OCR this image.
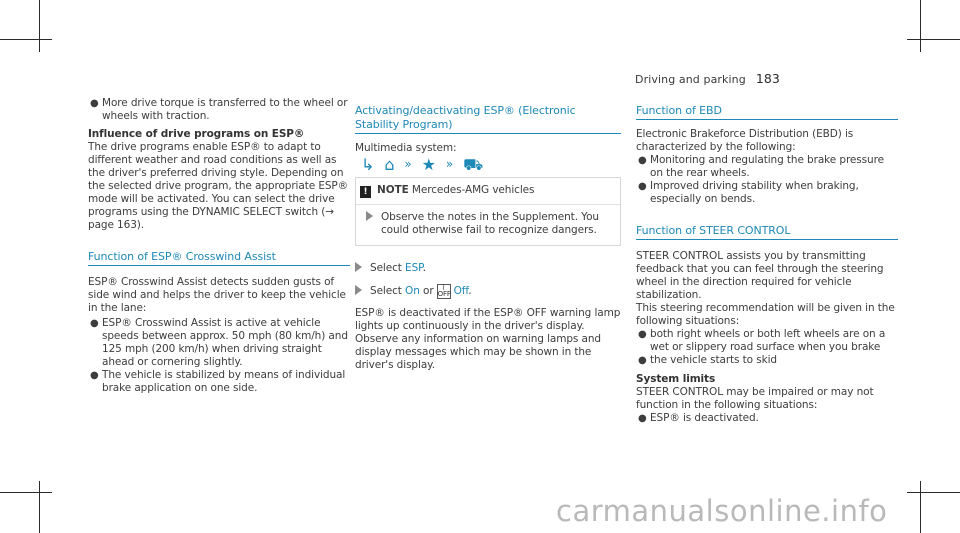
Driving and parking 183
● More drive torque is transferred to the wheel or wheels with traction.

Influence of drive programs on ESP®

The drive programs enable ESP® to adapt to different weather and road conditions as well as the driver's preferred driving style. Depending on the selected drive program, the appropriate ESP® mode will be activated. You can select the drive programs using the DYNAMIC SELECT switch (→ page 163).

Function of ESP® Crosswind Assist

ESP® Crosswind Assist detects sudden gusts of side wind and helps the driver to keep the vehicle in the lane:

● ESP® Crosswind Assist is active at vehicle speeds between approx. 50 mph (80 km/h) and 125 mph (200 km/h) when driving straight ahead or cornering slightly.
● The vehicle is stabilized by means of individual brake application on one side.

Activating/deactivating ESP® (Electronic Stability Program)

Multimedia system:

↳ ⌂ » ★ » ⛟
! NOTE Mercedes-AMG vehicles
Observe the notes in the Supplement. You could otherwise fail to recognize dangers.

Select ESP.

Select On or ⌇
OFF Off.

ESP® is deactivated if the ESP® OFF warning lamp lights up continuously in the driver's display.

Observe any information on warning lamps and display messages which may be shown in the driver's display.

Function of EBD

Electronic Brakeforce Distribution (EBD) is characterized by the following:

● Monitoring and regulating the brake pressure on the rear wheels.
● Improved driving stability when braking, especially on bends.

Function of STEER CONTROL

STEER CONTROL assists you by transmitting feedback that you can feel through the steering wheel in the direction required for vehicle stabilization.

This steering recommendation will be given in the following situations:

● both right wheels or both left wheels are on a wet or slippery road surface when you brake
● the vehicle starts to skid

System limits

STEER CONTROL may be impaired or may not function in the following situations:

● ESP® is deactivated.
carmanualsonline.info
